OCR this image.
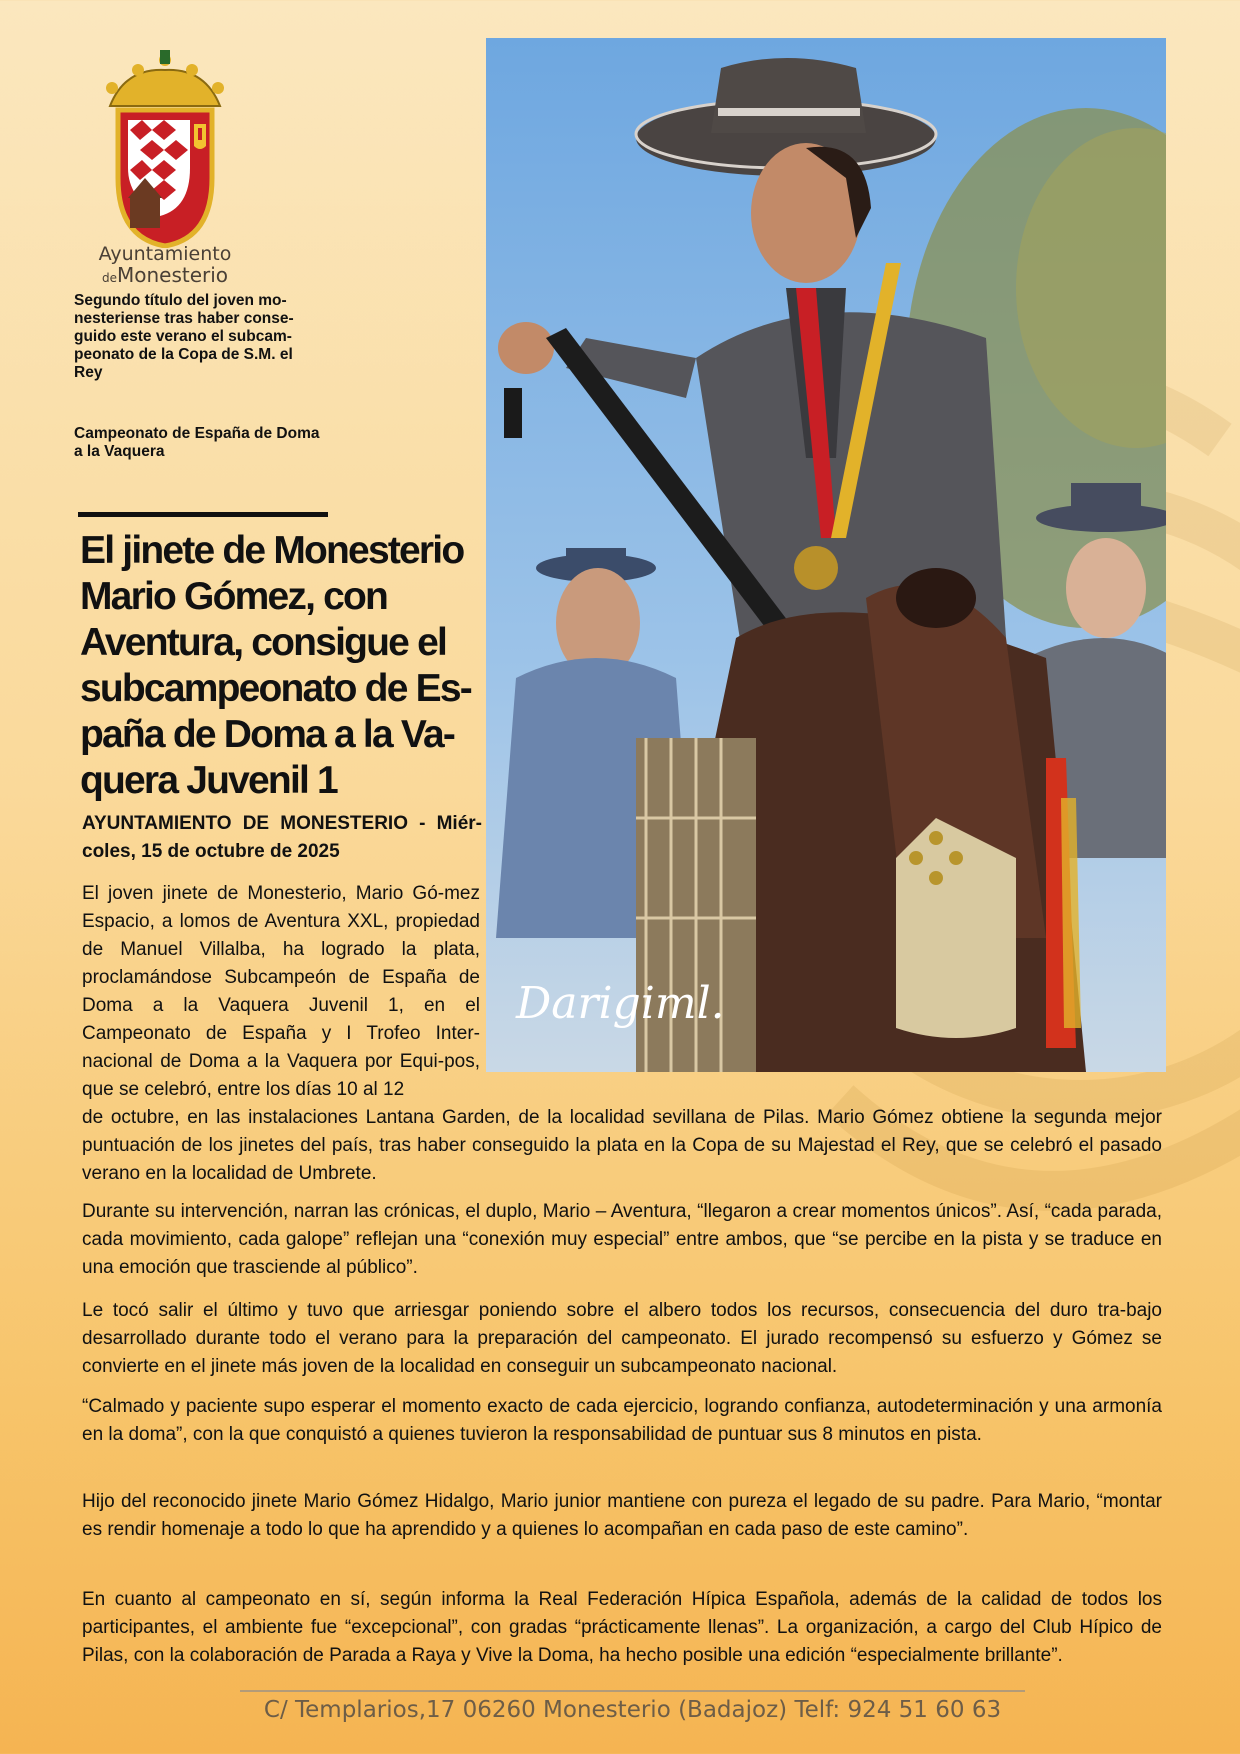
Ayuntamiento
deMonesterio
Segundo título del joven mo-nesteriense tras haber conse-guido este verano el subcam-peonato de la Copa de S.M. el Rey
Campeonato de España de Doma a la Vaquera
El jinete de Monesterio Mario Gómez, con Aventura, consigue el subcampeonato de Es-paña de Doma a la Va-quera Juvenil 1
AYUNTAMIENTO DE MONESTERIO - Miér-coles, 15 de octubre de 2025
Darigiml.

El joven jinete de Monesterio, Mario Gó-mez Espacio, a lomos de Aventura XXL, propiedad de Manuel Villalba, ha logrado la plata, proclamándose Subcampeón de España de Doma a la Vaquera Juvenil 1, en el Campeonato de España y I Trofeo Inter-nacional de Doma a la Vaquera por Equi-pos, que se celebró, entre los días 10 al 12

de octubre, en las instalaciones Lantana Garden, de la localidad sevillana de Pilas. Mario Gómez obtiene la segunda mejor puntuación de los jinetes del país, tras haber conseguido la plata en la Copa de su Majestad el Rey, que se celebró el pasado verano en la localidad de Umbrete.

Durante su intervención, narran las crónicas, el duplo, Mario – Aventura, “llegaron a crear momentos únicos”. Así, “cada parada, cada movimiento, cada galope” reflejan una “conexión muy especial” entre ambos, que “se percibe en la pista y se traduce en una emoción que trasciende al público”.

Le tocó salir el último y tuvo que arriesgar poniendo sobre el albero todos los recursos, consecuencia del duro tra-bajo desarrollado durante todo el verano para la preparación del campeonato. El jurado recompensó su esfuerzo y Gómez se convierte en el jinete más joven de la localidad en conseguir un subcampeonato nacional.

“Calmado y paciente supo esperar el momento exacto de cada ejercicio, logrando confianza, autodeterminación y una armonía en la doma”, con la que conquistó a quienes tuvieron la responsabilidad de puntuar sus 8 minutos en pista.

Hijo del reconocido jinete Mario Gómez Hidalgo, Mario junior mantiene con pureza el legado de su padre. Para Mario, “montar es rendir homenaje a todo lo que ha aprendido y a quienes lo acompañan en cada paso de este camino”.

En cuanto al campeonato en sí, según informa la Real Federación Hípica Española, además de la calidad de todos los participantes, el ambiente fue “excepcional”, con gradas “prácticamente llenas”. La organización, a cargo del Club Hípico de Pilas, con la colaboración de Parada a Raya y Vive la Doma, ha hecho posible una edición “especialmente brillante”.

C/ Templarios,17 06260 Monesterio (Badajoz) Telf: 924 51 60 63
